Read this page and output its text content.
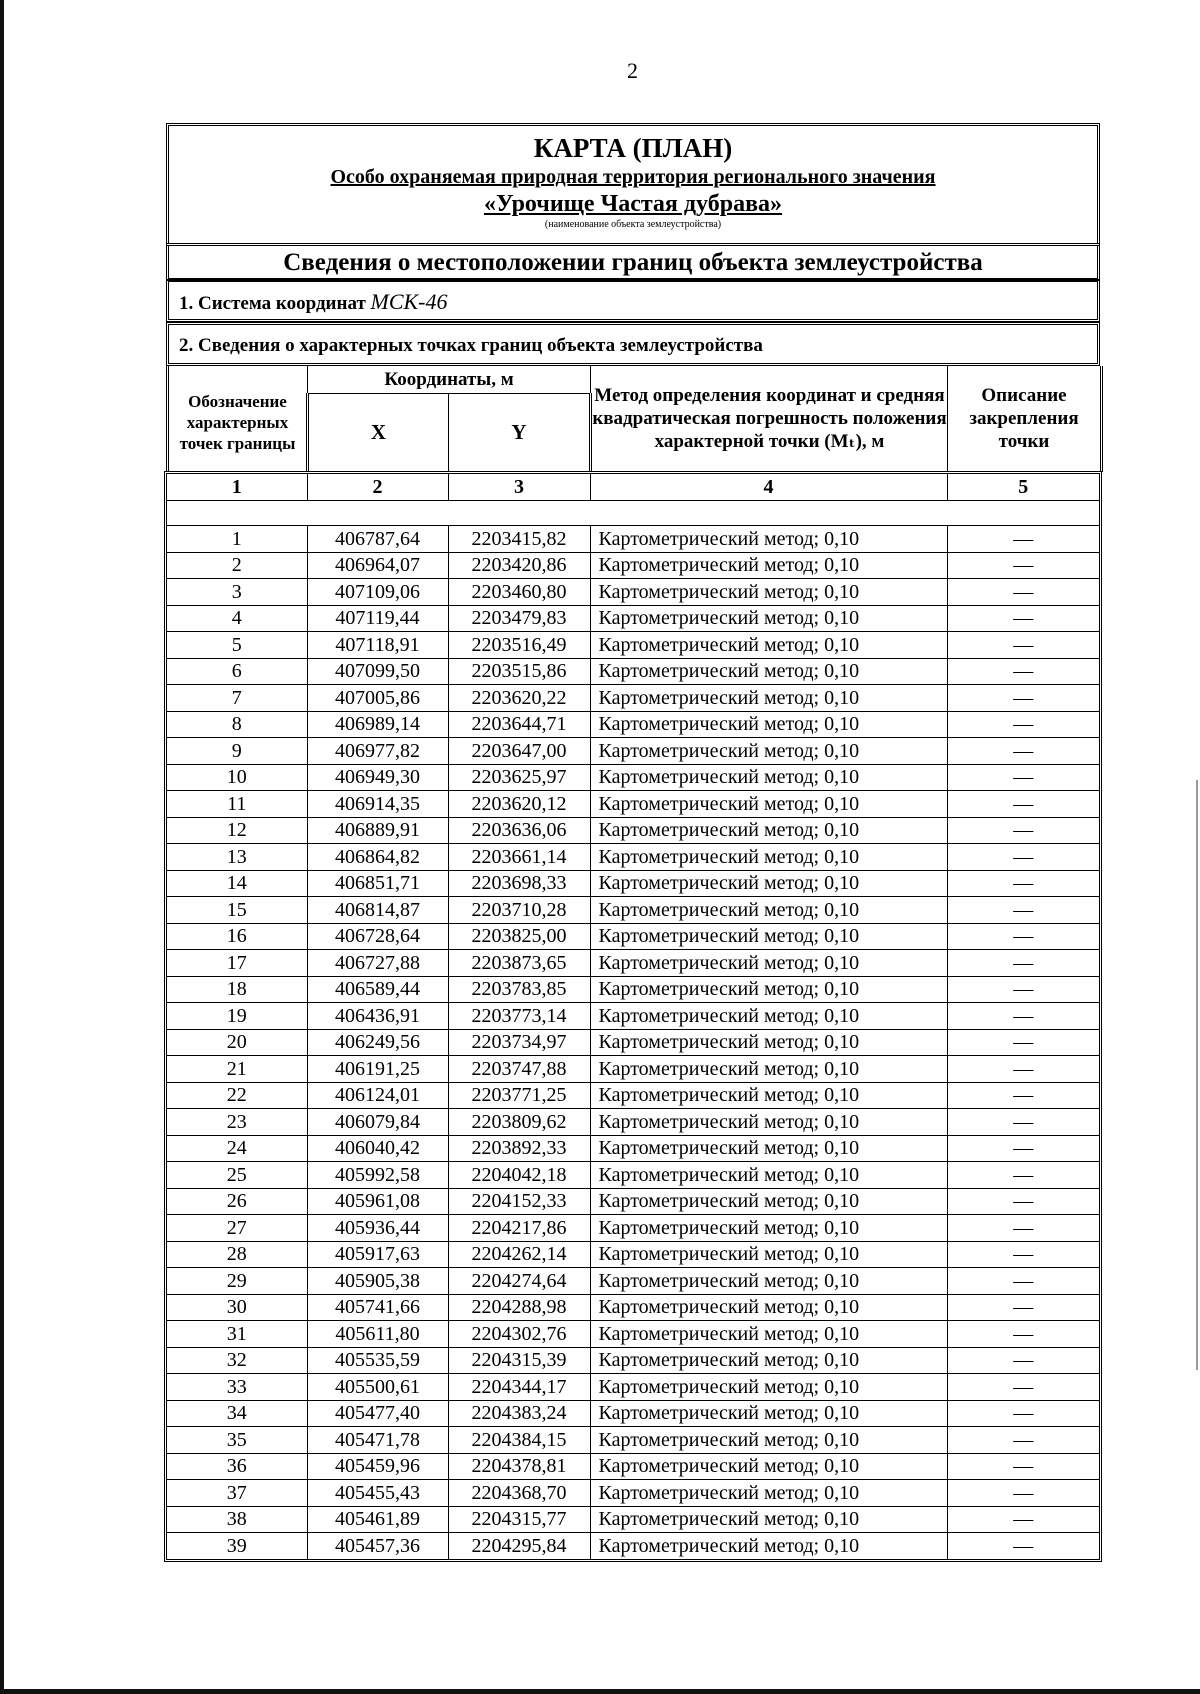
2
КАРТА (ПЛАН)
Особо охраняемая природная территория регионального значения
«Урочище Частая дубрава»
(наименование объекта землеустройства)
Сведения о местоположении границ объекта землеустройства
1. Система координат МСК-46
2. Сведения о характерных точках границ объекта землеустройства
Обозначение характерных точек границы	Координаты, м		Метод определения координат и средняя квадратическая погрешность положения характерной точки (Mₜ), м	Описание закрепления точки
	X	Y		
1	2	3	4	5

1	406787,64	2203415,82	Картометрический метод; 0,10	—
2	406964,07	2203420,86	Картометрический метод; 0,10	—
3	407109,06	2203460,80	Картометрический метод; 0,10	—
4	407119,44	2203479,83	Картометрический метод; 0,10	—
5	407118,91	2203516,49	Картометрический метод; 0,10	—
6	407099,50	2203515,86	Картометрический метод; 0,10	—
7	407005,86	2203620,22	Картометрический метод; 0,10	—
8	406989,14	2203644,71	Картометрический метод; 0,10	—
9	406977,82	2203647,00	Картометрический метод; 0,10	—
10	406949,30	2203625,97	Картометрический метод; 0,10	—
11	406914,35	2203620,12	Картометрический метод; 0,10	—
12	406889,91	2203636,06	Картометрический метод; 0,10	—
13	406864,82	2203661,14	Картометрический метод; 0,10	—
14	406851,71	2203698,33	Картометрический метод; 0,10	—
15	406814,87	2203710,28	Картометрический метод; 0,10	—
16	406728,64	2203825,00	Картометрический метод; 0,10	—
17	406727,88	2203873,65	Картометрический метод; 0,10	—
18	406589,44	2203783,85	Картометрический метод; 0,10	—
19	406436,91	2203773,14	Картометрический метод; 0,10	—
20	406249,56	2203734,97	Картометрический метод; 0,10	—
21	406191,25	2203747,88	Картометрический метод; 0,10	—
22	406124,01	2203771,25	Картометрический метод; 0,10	—
23	406079,84	2203809,62	Картометрический метод; 0,10	—
24	406040,42	2203892,33	Картометрический метод; 0,10	—
25	405992,58	2204042,18	Картометрический метод; 0,10	—
26	405961,08	2204152,33	Картометрический метод; 0,10	—
27	405936,44	2204217,86	Картометрический метод; 0,10	—
28	405917,63	2204262,14	Картометрический метод; 0,10	—
29	405905,38	2204274,64	Картометрический метод; 0,10	—
30	405741,66	2204288,98	Картометрический метод; 0,10	—
31	405611,80	2204302,76	Картометрический метод; 0,10	—
32	405535,59	2204315,39	Картометрический метод; 0,10	—
33	405500,61	2204344,17	Картометрический метод; 0,10	—
34	405477,40	2204383,24	Картометрический метод; 0,10	—
35	405471,78	2204384,15	Картометрический метод; 0,10	—
36	405459,96	2204378,81	Картометрический метод; 0,10	—
37	405455,43	2204368,70	Картометрический метод; 0,10	—
38	405461,89	2204315,77	Картометрический метод; 0,10	—
39	405457,36	2204295,84	Картометрический метод; 0,10	—
